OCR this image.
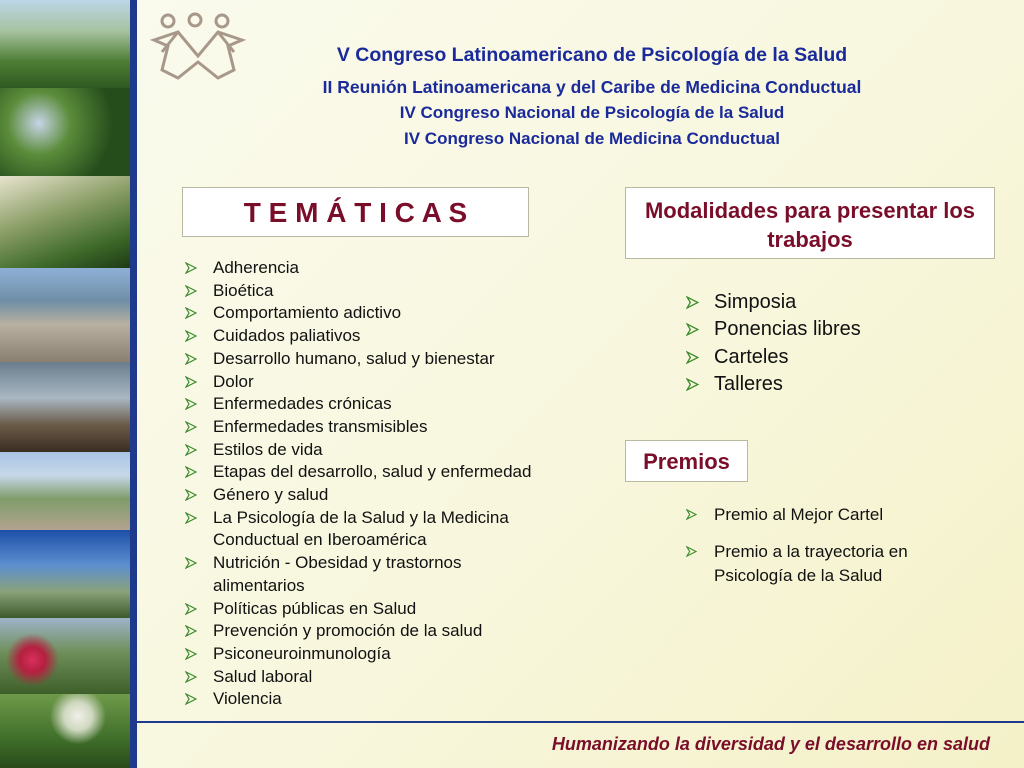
V Congreso Latinoamericano de Psicología de la Salud
II Reunión Latinoamericana y del Caribe de Medicina Conductual
IV Congreso Nacional de Psicología de la Salud
IV Congreso Nacional de Medicina Conductual
T E M Á T I C A S
Adherencia
Bioética
Comportamiento adictivo
Cuidados paliativos
Desarrollo humano, salud y bienestar
Dolor
Enfermedades crónicas
Enfermedades transmisibles
Estilos de vida
Etapas del desarrollo, salud y enfermedad
Género y salud
La Psicología de la Salud y la Medicina
Conductual en Iberoamérica
Nutrición - Obesidad y trastornos
alimentarios
Políticas públicas en Salud
Prevención y promoción de la salud
Psiconeuroinmunología
Salud laboral
Violencia
Modalidades para presentar los trabajos
Simposia
Ponencias libres
Carteles
Talleres
Premios
Premio al Mejor Cartel
Premio a la trayectoria en Psicología de la Salud
Humanizando la diversidad y el desarrollo en salud
